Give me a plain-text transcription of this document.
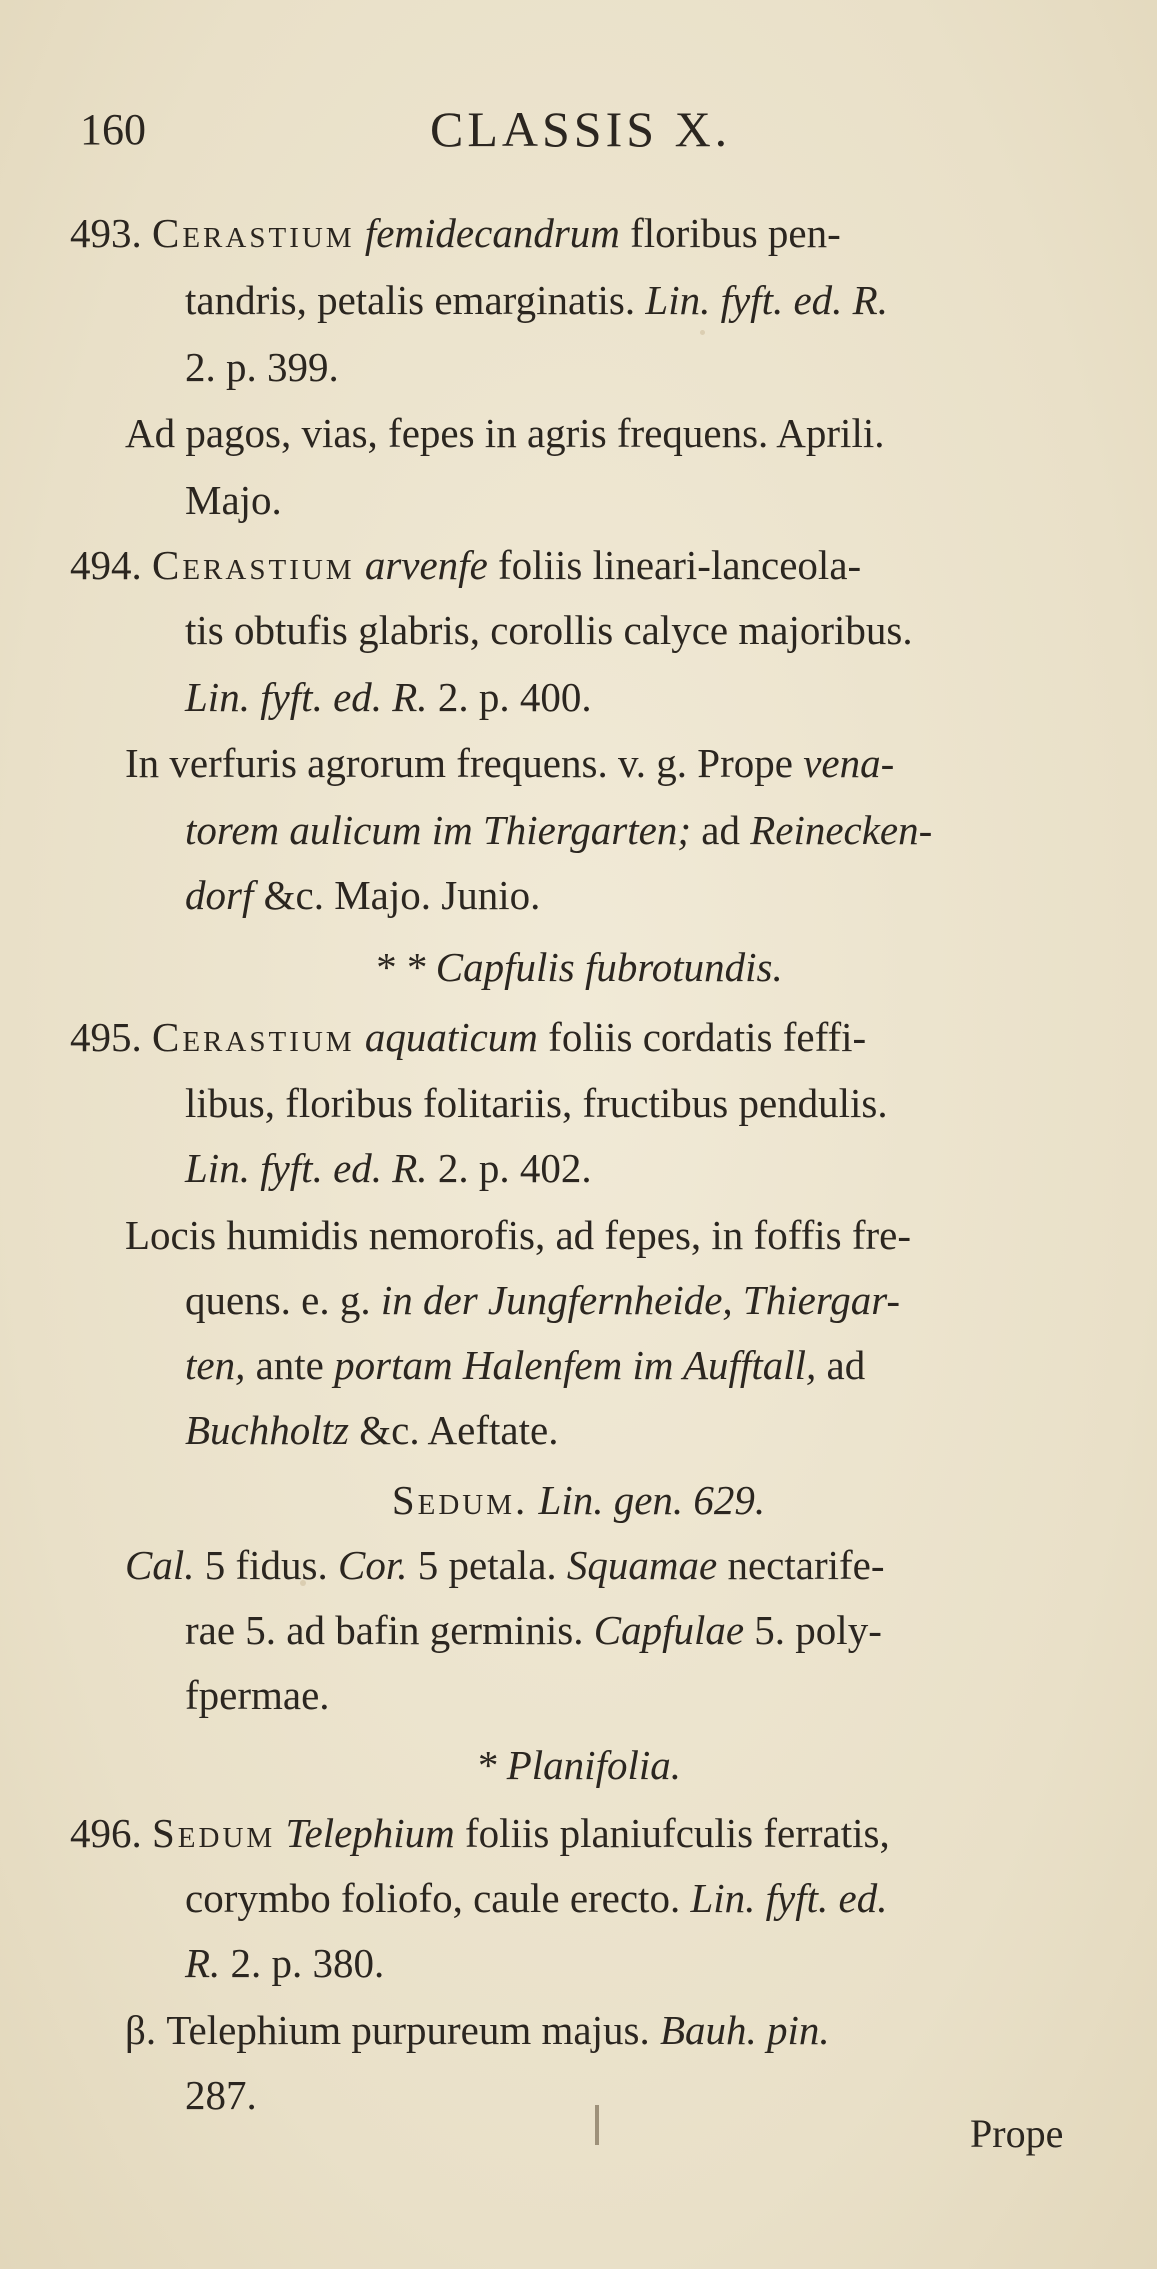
160	CLASSIS X.
493. Cerastium femidecandrum floribus pen-
tandris, petalis emarginatis. Lin. fyft. ed. R.
2. p. 399.
Ad pagos, vias, fepes in agris frequens. Aprili.
Majo.
494. Cerastium arvenfe foliis lineari-lanceola-
tis obtufis glabris, corollis calyce majoribus.
Lin. fyft. ed. R. 2. p. 400.
In verfuris agrorum frequens. v. g. Prope vena-
torem aulicum im Thiergarten; ad Reinecken-
dorf &c. Majo. Junio.
* * Capfulis fubrotundis.
495. Cerastium aquaticum foliis cordatis feffi-
libus, floribus folitariis, fructibus pendulis.
Lin. fyft. ed. R. 2. p. 402.
Locis humidis nemorofis, ad fepes, in foffis fre-
quens. e. g. in der Jungfernheide, Thiergar-
ten, ante portam Halenfem im Aufftall, ad
Buchholtz &c. Aeftate.
Sedum. Lin. gen. 629.
Cal. 5 fidus. Cor. 5 petala. Squamae nectarife-
rae 5. ad bafin germinis. Capfulae 5. poly-
fpermae.
* Planifolia.
496. Sedum Telephium foliis planiufculis ferratis,
corymbo foliofo, caule erecto. Lin. fyft. ed.
R. 2. p. 380.
β. Telephium purpureum majus. Bauh. pin.
287.
Prope
